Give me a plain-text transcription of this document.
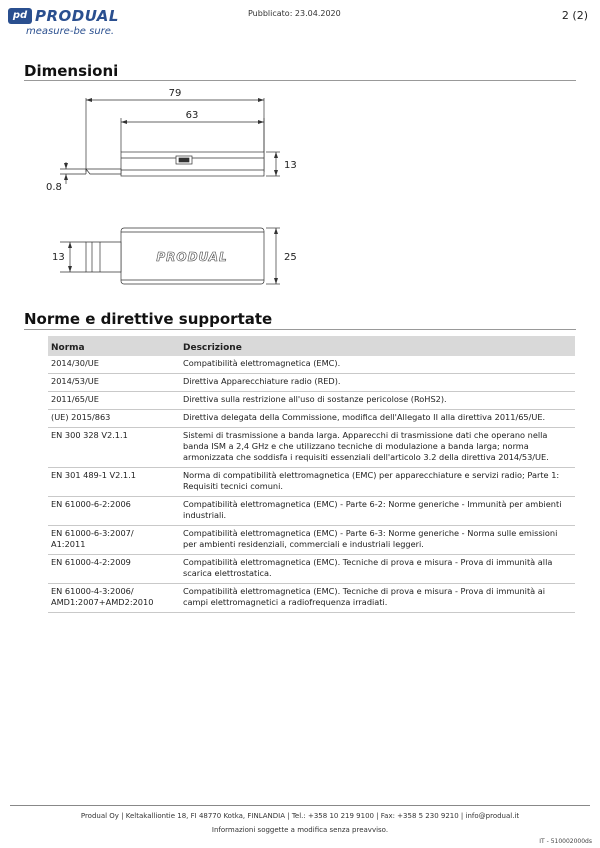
pd PRODUAL
measure-be sure.
Pubblicato: 23.04.2020	2 (2)
Dimensioni
79
63
13
0.8
13	25
PRODUAL
Norme e direttive supportate
Norma	Descrizione
2014/30/UE	Compatibilità elettromagnetica (EMC).
2014/53/UE	Direttiva Apparecchiature radio (RED).
2011/65/UE	Direttiva sulla restrizione all'uso di sostanze pericolose (RoHS2).
(UE) 2015/863	Direttiva delegata della Commissione, modifica dell'Allegato II alla direttiva 2011/65/UE.
EN 300 328 V2.1.1	Sistemi di trasmissione a banda larga. Apparecchi di trasmissione dati che operano nella banda ISM a 2,4 GHz e che utilizzano tecniche di modulazione a banda larga; norma armonizzata che soddisfa i requisiti essenziali dell'articolo 3.2 della direttiva 2014/53/UE.
EN 301 489-1 V2.1.1	Norma di compatibilità elettromagnetica (EMC) per apparecchiature e servizi radio; Parte 1: Requisiti tecnici comuni.
EN 61000-6-2:2006	Compatibilità elettromagnetica (EMC) - Parte 6-2: Norme generiche - Immunità per ambienti industriali.
EN 61000-6-3:2007/
A1:2011	Compatibilità elettromagnetica (EMC) - Parte 6-3: Norme generiche - Norma sulle emissioni per ambienti residenziali, commerciali e industriali leggeri.
EN 61000-4-2:2009	Compatibilità elettromagnetica (EMC). Tecniche di prova e misura - Prova di immunità alla scarica elettrostatica.
EN 61000-4-3:2006/
AMD1:2007+AMD2:2010	Compatibilità elettromagnetica (EMC). Tecniche di prova e misura - Prova di immunità ai campi elettromagnetici a radiofrequenza irradiati.
Produal Oy | Keltakalliontie 18, FI 48770 Kotka, FINLANDIA | Tel.: +358 10 219 9100 | Fax: +358 5 230 9210 | info@produal.it
Informazioni soggette a modifica senza preavviso.
IT - 510002000ds
